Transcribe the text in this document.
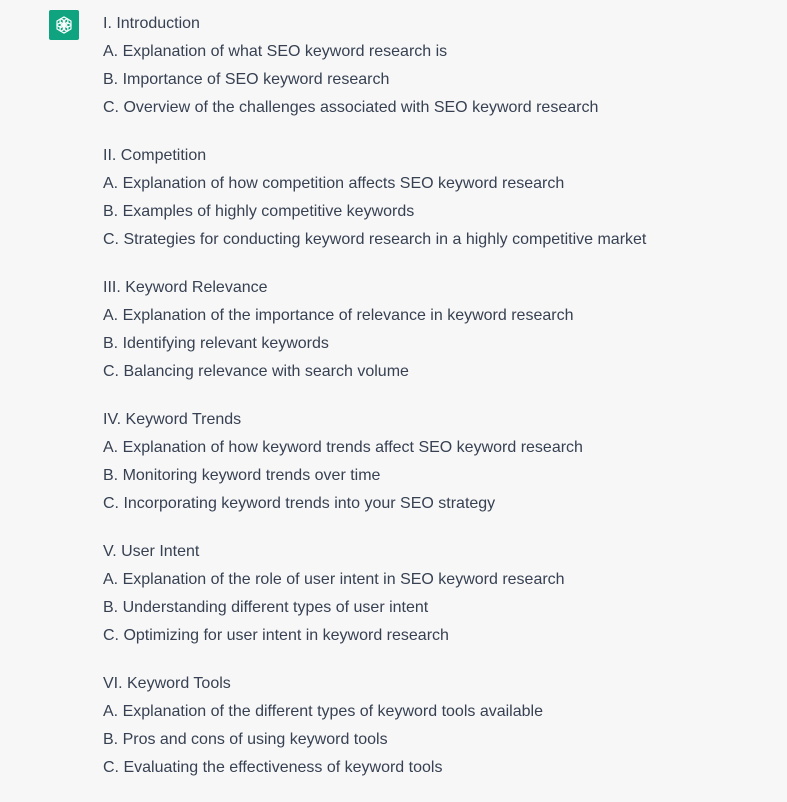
I. Introduction
A. Explanation of what SEO keyword research is
B. Importance of SEO keyword research
C. Overview of the challenges associated with SEO keyword research
II. Competition
A. Explanation of how competition affects SEO keyword research
B. Examples of highly competitive keywords
C. Strategies for conducting keyword research in a highly competitive market
III. Keyword Relevance
A. Explanation of the importance of relevance in keyword research
B. Identifying relevant keywords
C. Balancing relevance with search volume
IV. Keyword Trends
A. Explanation of how keyword trends affect SEO keyword research
B. Monitoring keyword trends over time
C. Incorporating keyword trends into your SEO strategy
V. User Intent
A. Explanation of the role of user intent in SEO keyword research
B. Understanding different types of user intent
C. Optimizing for user intent in keyword research
VI. Keyword Tools
A. Explanation of the different types of keyword tools available
B. Pros and cons of using keyword tools
C. Evaluating the effectiveness of keyword tools
